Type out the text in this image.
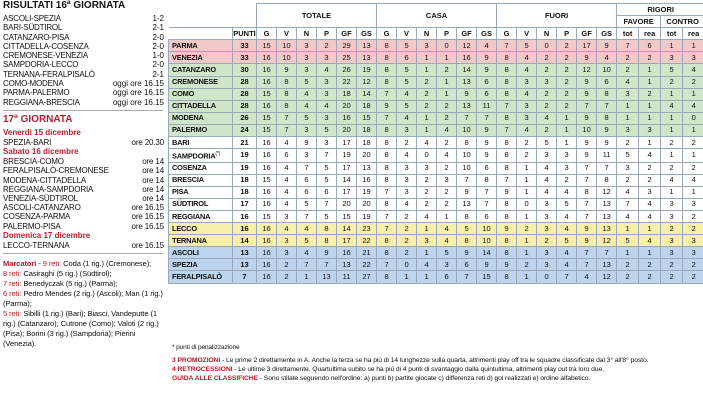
RISULTATI 16ª GIORNATA
ASCOLI-SPEZIA	1-2
BARI-SÜDTIROL	2-1
CATANZARO-PISA	2-0
CITTADELLA-COSENZA	2-0
CREMONESE-VENEZIA	1-0
SAMPDORIA-LECCO	2-0
TERNANA-FERALPISALÒ	2-1
COMO-MODENA	oggi ore 16.15
PARMA-PALERMO	oggi ore 16.15
REGGIANA-BRESCIA	oggi ore 16.15
17ª GIORNATA
Venerdì 15 dicembre
SPEZIA-BARI	ore 20.30
Sabato 16 dicembre
BRESCIA-COMO	ore 14
FERALPISALÒ-CREMONESE	ore 14
MODENA-CITTADELLA	ore 14
REGGIANA-SAMPDORIA	ore 14
VENEZIA-SÜDTIROL	ore 14
ASCOLI-CATANZARO	ore 16.15
COSENZA-PARMA	ore 16.15
PALERMO-PISA	ore 16.15
Domenica 17 dicembre
LECCO-TERNANA	ore 16.15
Marcatori - 9 reti: Coda (1 rig.) (Cremonese);
8 reti: Casiraghi (5 rig.) (Südtirol);
7 reti: Benedyczak (5 rig.) (Parma);
6 reti: Pedro Mendes (2 rig.) (Ascoli); Man (1 rig.) (Parma);
5 reti: Sibilli (1 rig.) (Bari); Biasci, Vandeputte (1 rig.) (Catanzaro); Cutrone (Como); Valoti (2 rig.) (Pisa); Borini (3 rig.) (Sampdoria); Pierini (Venezia).
		TOTALE						CASA						FUORI						RIGORI			
																				FAVORE		CONTRO	
	PUNTI	G	V	N	P	GF	GS	G	V	N	P	GF	GS	G	V	N	P	GF	GS	tot	rea	tot	rea
PARMA	33	15	10	3	2	29	13	8	5	3	0	12	4	7	5	0	2	17	9	7	6	1	1
VENEZIA	33	16	10	3	3	25	13	8	6	1	1	16	9	8	4	2	2	9	4	2	2	3	3
CATANZARO	30	16	9	3	4	26	19	8	5	1	2	14	9	8	4	2	2	12	10	2	1	5	4
CREMONESE	28	16	8	5	3	22	12	8	5	2	1	13	6	8	3	3	2	9	6	4	1	2	2
COMO	28	15	8	4	3	18	14	7	4	2	1	9	6	8	4	2	2	9	8	3	2	1	1
CITTADELLA	28	16	8	4	4	20	18	9	5	2	2	13	11	7	3	2	2	7	7	1	1	4	4
MODENA	26	15	7	5	3	16	15	7	4	1	2	7	7	8	3	4	1	9	8	1	1	1	0
PALERMO	24	15	7	3	5	20	18	8	3	1	4	10	9	7	4	2	1	10	9	3	3	1	1
BARI	21	16	4	9	3	17	18	8	2	4	2	8	9	8	2	5	1	9	9	2	1	2	2
SAMPDORIA(*)	19	16	6	3	7	19	20	8	4	0	4	10	9	8	2	3	3	9	11	5	4	1	1
COSENZA	19	16	4	7	5	17	13	8	3	3	2	10	6	8	1	4	3	7	7	3	2	2	2
BRESCIA	18	15	4	6	5	14	16	8	3	2	3	7	8	7	1	4	2	7	8	2	2	4	4
PISA	18	16	4	6	6	17	19	7	3	2	2	9	7	9	1	4	4	8	12	4	3	1	1
SÜDTIROL	17	16	4	5	7	20	20	8	4	2	2	13	7	8	0	3	5	7	13	7	4	3	3
REGGIANA	16	15	3	7	5	15	19	7	2	4	1	8	6	8	1	3	4	7	13	4	4	3	2
LECCO	16	16	4	4	8	14	23	7	2	1	4	5	10	9	2	3	4	9	13	1	1	2	2
TERNANA	14	16	3	5	8	17	22	8	2	3	4	8	10	8	1	2	5	9	12	5	4	3	3
ASCOLI	13	16	3	4	9	16	21	8	2	1	5	9	14	8	1	3	4	7	7	1	1	3	3
SPEZIA	13	16	2	7	7	13	22	7	0	4	3	6	9	9	2	3	4	7	13	2	2	2	2
FERALPISALÒ	7	16	2	1	13	11	27	8	1	1	6	7	15	8	1	0	7	4	12	2	2	2	2
* punti di penalizzazione
3 PROMOZIONI - Le prime 2 direttamente in A. Anche la terza se ha più di 14 lunghezze sulla quarta, altrimenti play off tra le squadre classificate dal 3° all'8° posto.
4 RETROCESSIONI - Le ultime 3 direttamente. Quartultima subito se ha più di 4 punti di svantaggio dalla quintultima, altrimenti play out tra loro due.
GUIDA ALLE CLASSIFICHE - Sono stilate seguendo nell'ordine: a) punti b) partite giocate c) differenza reti d) gol realizzati e) ordine alfabetico.
